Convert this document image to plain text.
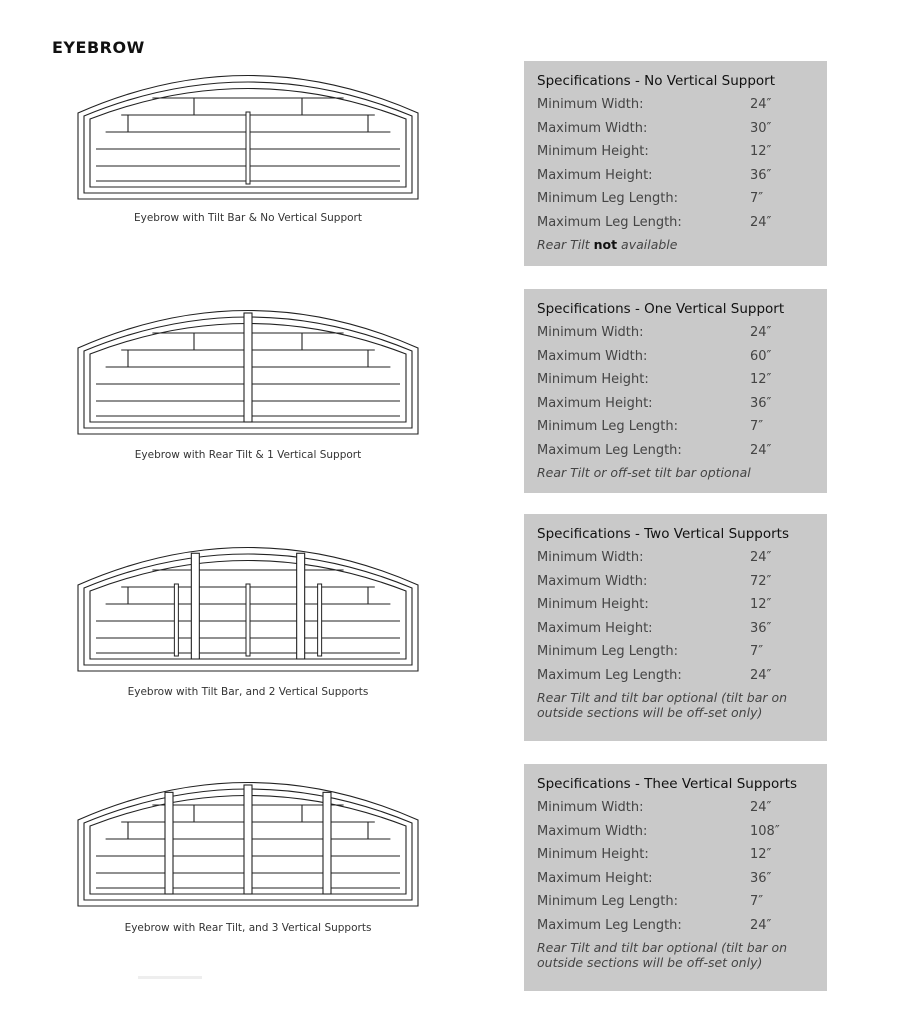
EYEBROW
Eyebrow with Tilt Bar & No Vertical Support
Specifications - No Vertical Support
Minimum Width:	24″
Maximum Width:	30″
Minimum Height:	12″
Maximum Height:	36″
Minimum Leg Length:	7″
Maximum Leg Length:	24″
Rear Tilt not available
Eyebrow with Rear Tilt & 1 Vertical Support
Specifications - One Vertical Support
Minimum Width:	24″
Maximum Width:	60″
Minimum Height:	12″
Maximum Height:	36″
Minimum Leg Length:	7″
Maximum Leg Length:	24″
Rear Tilt or off-set tilt bar optional
Eyebrow with Tilt Bar, and 2 Vertical Supports
Specifications - Two Vertical Supports
Minimum Width:	24″
Maximum Width:	72″
Minimum Height:	12″
Maximum Height:	36″
Minimum Leg Length:	7″
Maximum Leg Length:	24″
Rear Tilt and tilt bar optional (tilt bar on outside sections will be off-set only)
Eyebrow with Rear Tilt, and 3 Vertical Supports
Specifications - Thee Vertical Supports
Minimum Width:	24″
Maximum Width:	108″
Minimum Height:	12″
Maximum Height:	36″
Minimum Leg Length:	7″
Maximum Leg Length:	24″
Rear Tilt and tilt bar optional (tilt bar on outside sections will be off-set only)
